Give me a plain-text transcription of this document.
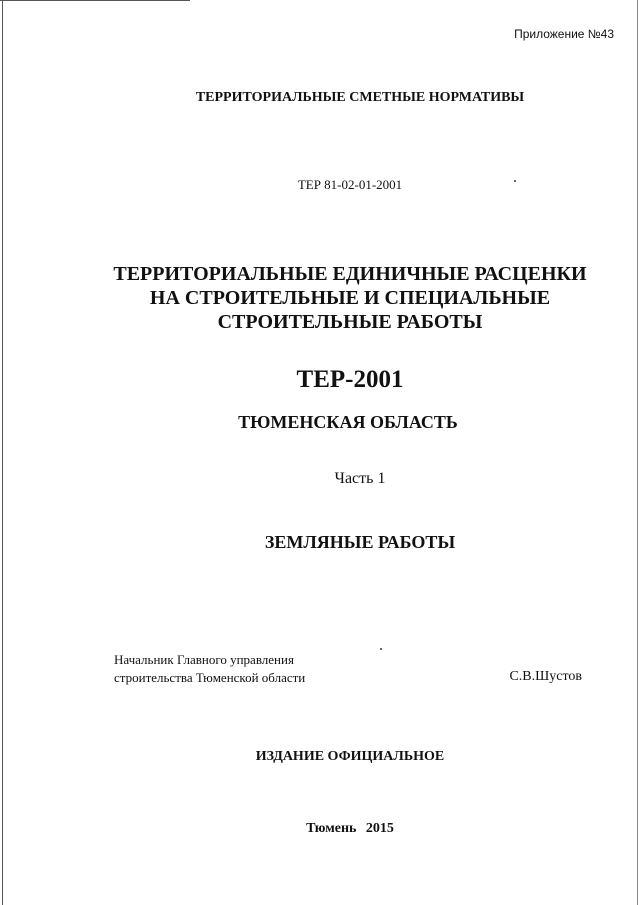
Приложение №43
ТЕРРИТОРИАЛЬНЫЕ СМЕТНЫЕ НОРМАТИВЫ
ТЕР 81-02-01-2001
ТЕРРИТОРИАЛЬНЫЕ ЕДИНИЧНЫЕ РАСЦЕНКИ
НА СТРОИТЕЛЬНЫЕ И СПЕЦИАЛЬНЫЕ
СТРОИТЕЛЬНЫЕ РАБОТЫ
ТЕР-2001
ТЮМЕНСКАЯ ОБЛАСТЬ
Часть 1
ЗЕМЛЯНЫЕ РАБОТЫ
Начальник Главного управления
строительства Тюменской области	С.В.Шустов
ИЗДАНИЕ ОФИЦИАЛЬНОЕ
Тюмень 2015
